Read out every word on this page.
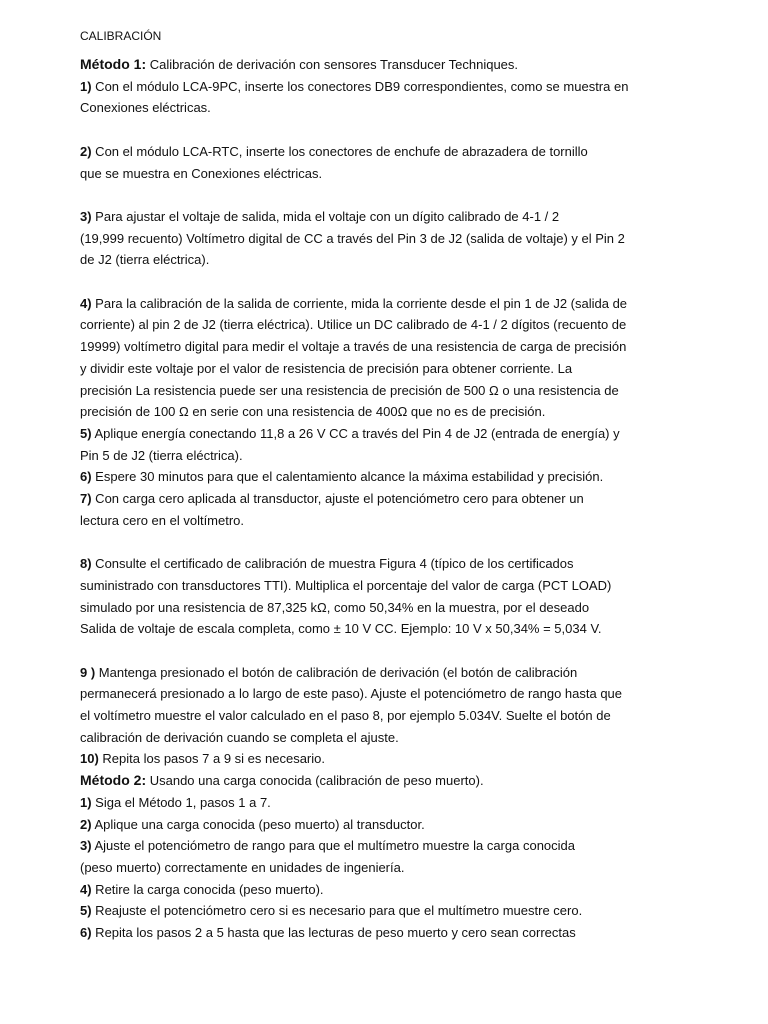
CALIBRACIÓN
Método 1: Calibración de derivación con sensores Transducer Techniques.
1) Con el módulo LCA-9PC, inserte los conectores DB9 correspondientes, como se muestra en
Conexiones eléctricas.
2) Con el módulo LCA-RTC, inserte los conectores de enchufe de abrazadera de tornillo
que se muestra en Conexiones eléctricas.
3) Para ajustar el voltaje de salida, mida el voltaje con un dígito calibrado de 4-1 / 2
(19,999 recuento) Voltímetro digital de CC a través del Pin 3 de J2 (salida de voltaje) y el Pin 2
de J2 (tierra eléctrica).
4) Para la calibración de la salida de corriente, mida la corriente desde el pin 1 de J2 (salida de
corriente) al pin 2 de J2 (tierra eléctrica). Utilice un DC calibrado de 4-1 / 2 dígitos (recuento de
19999) voltímetro digital para medir el voltaje a través de una resistencia de carga de precisión
y dividir este voltaje por el valor de resistencia de precisión para obtener corriente. La
precisión La resistencia puede ser una resistencia de precisión de 500 Ω o una resistencia de
precisión de 100 Ω en serie con una resistencia de 400Ω que no es de precisión.
5) Aplique energía conectando 11,8 a 26 V CC a través del Pin 4 de J2 (entrada de energía) y
Pin 5 de J2 (tierra eléctrica).
6) Espere 30 minutos para que el calentamiento alcance la máxima estabilidad y precisión.
7) Con carga cero aplicada al transductor, ajuste el potenciómetro cero para obtener un
lectura cero en el voltímetro.
8) Consulte el certificado de calibración de muestra Figura 4 (típico de los certificados
suministrado con transductores TTI). Multiplica el porcentaje del valor de carga (PCT LOAD)
simulado por una resistencia de 87,325 kΩ, como 50,34% en la muestra, por el deseado
Salida de voltaje de escala completa, como ± 10 V CC. Ejemplo: 10 V x 50,34% = 5,034 V.
9 ) Mantenga presionado el botón de calibración de derivación (el botón de calibración
permanecerá presionado a lo largo de este paso). Ajuste el potenciómetro de rango hasta que
el voltímetro muestre el valor calculado en el paso 8, por ejemplo 5.034V. Suelte el botón de
calibración de derivación cuando se completa el ajuste.
10) Repita los pasos 7 a 9 si es necesario.
Método 2: Usando una carga conocida (calibración de peso muerto).
1) Siga el Método 1, pasos 1 a 7.
2) Aplique una carga conocida (peso muerto) al transductor.
3) Ajuste el potenciómetro de rango para que el multímetro muestre la carga conocida
(peso muerto) correctamente en unidades de ingeniería.
4) Retire la carga conocida (peso muerto).
5) Reajuste el potenciómetro cero si es necesario para que el multímetro muestre cero.
6) Repita los pasos 2 a 5 hasta que las lecturas de peso muerto y cero sean correctas
